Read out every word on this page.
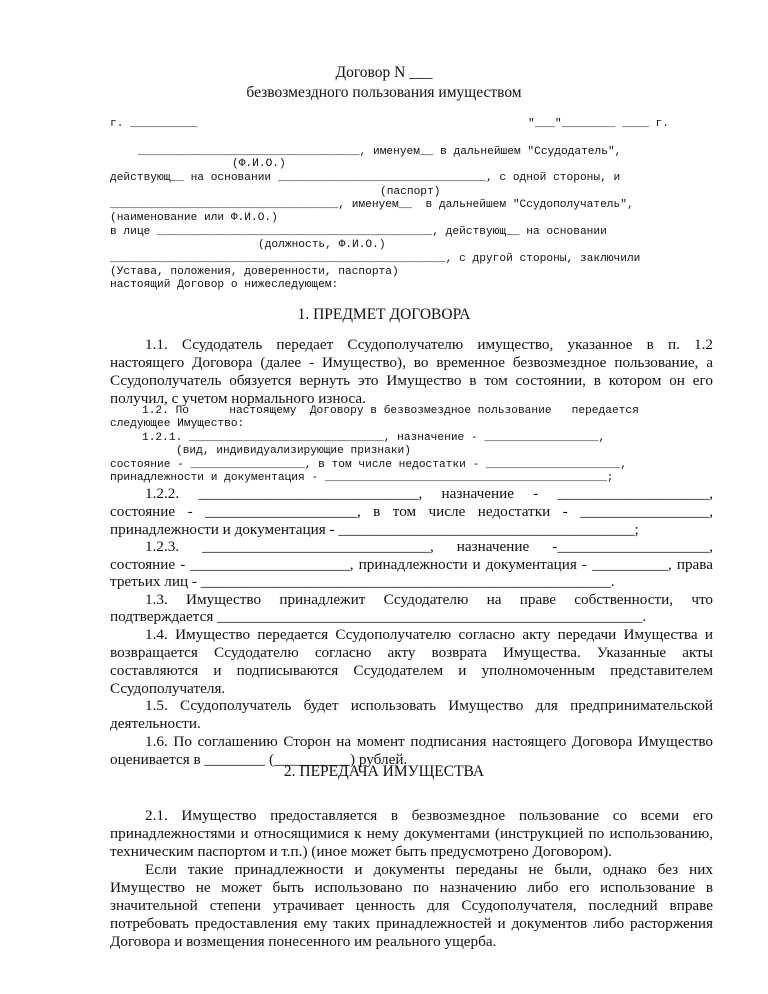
Договор N ___
безвозмездного пользования имуществом
г. __________	"___"________ ____ г.
_________________________________, именуем__ в дальнейшем "Ссудодатель",
(Ф.И.О.)
действующ__ на основании _______________________________, с одной стороны, и
(паспорт)
__________________________________, именуем__  в дальнейшем "Ссудополучатель",
(наименование или Ф.И.О.)
в лице _________________________________________, действующ__ на основании
(должность, Ф.И.О.)
__________________________________________________, с другой стороны, заключили
(Устава, положения, доверенности, паспорта)
настоящий Договор о нижеследующем:
1. ПРЕДМЕТ ДОГОВОРА
1.1. Ссудодатель передает Ссудополучателю имущество, указанное в п. 1.2
настоящего Договора (далее - Имущество), во временное безвозмездное пользование, а
Ссудополучатель обязуется вернуть это Имущество в том состоянии, в котором он его
получил, с учетом нормального износа.
1.2. По      настоящему  Договору в безвозмездное пользование   передается
следующее Имущество:
1.2.1. _____________________________, назначение - _________________,
(вид, индивидуализирующие признаки)
состояние - _________________, в том числе недостатки - ____________________,
принадлежности и документация - __________________________________________;
1.2.2.    _____________________________,    назначение    -    ____________________,
состояние  -  ____________________,  в  том  числе  недостатки  -  _________________,
принадлежности и документация - _______________________________________;
1.2.3.    ______________________________,    назначение    -____________________,
состояние - _____________________, принадлежности и документация - __________, права
третьих лиц - ______________________________________________________.
1.3.  Имущество  принадлежит  Ссудодателю  на  праве  собственности,  что
подтверждается ________________________________________________________.
1.4. Имущество передается Ссудополучателю согласно акту передачи Имущества и
возвращается Ссудодателю согласно акту возврата Имущества. Указанные акты
составляются и подписываются Ссудодателем и уполномоченным представителем
Ссудополучателя.
1.5. Ссудополучатель будет использовать Имущество для предпринимательской
деятельности.
1.6. По соглашению Сторон на момент подписания настоящего Договора Имущество
оценивается в ________ (__________) рублей.
2. ПЕРЕДАЧА ИМУЩЕСТВА
2.1. Имущество предоставляется в безвозмездное пользование со всеми его
принадлежностями и относящимися к нему документами (инструкцией по использованию,
техническим паспортом и т.п.) (иное может быть предусмотрено Договором).
Если такие принадлежности и документы переданы не были, однако без них
Имущество не может быть использовано по назначению либо его использование в
значительной степени утрачивает ценность для Ссудополучателя, последний вправе
потребовать предоставления ему таких принадлежностей и документов либо расторжения
Договора и возмещения понесенного им реального ущерба.
